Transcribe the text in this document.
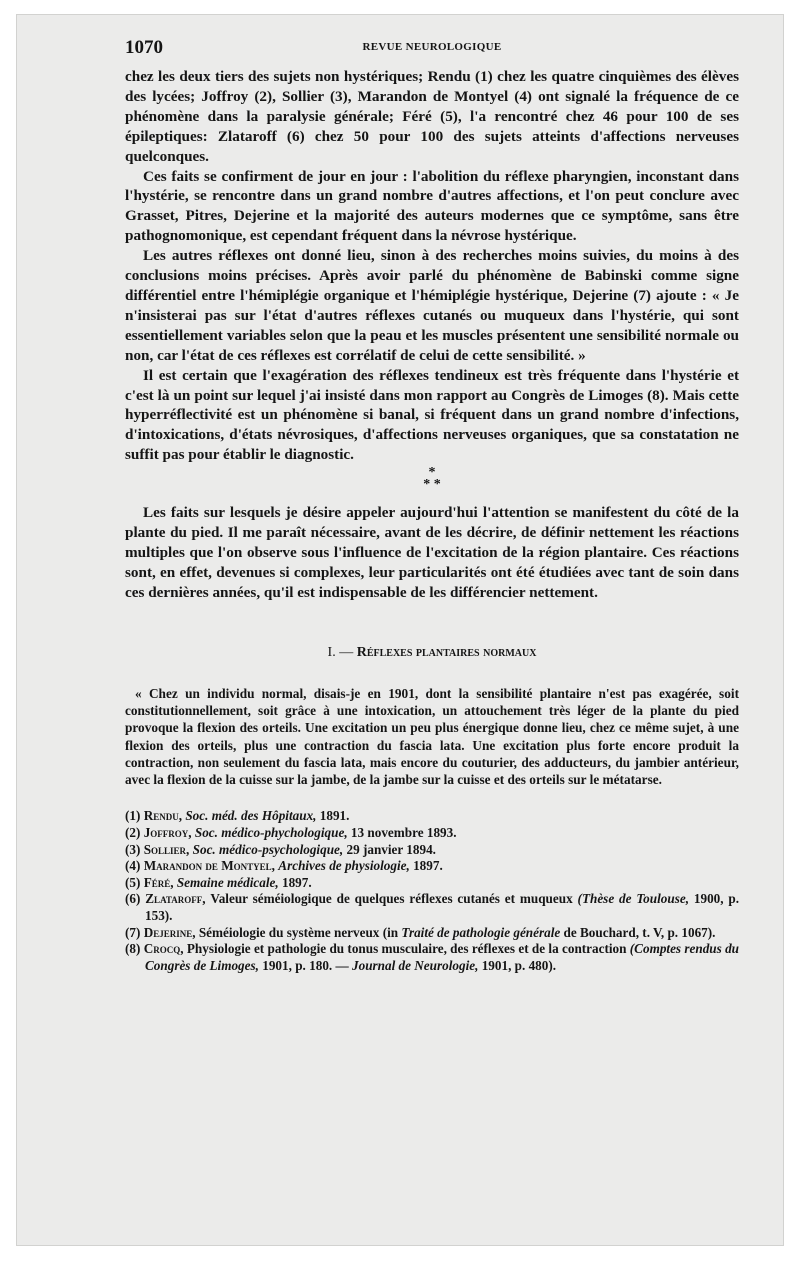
1070	REVUE NEUROLOGIQUE

chez les deux tiers des sujets non hystériques; Rendu (1) chez les quatre cinquièmes des élèves des lycées; Joffroy (2), Sollier (3), Marandon de Montyel (4) ont signalé la fréquence de ce phénomène dans la paralysie générale; Féré (5), l'a rencontré chez 46 pour 100 de ses épileptiques: Zlataroff (6) chez 50 pour 100 des sujets atteints d'affections nerveuses quelconques.

Ces faits se confirment de jour en jour : l'abolition du réflexe pharyngien, inconstant dans l'hystérie, se rencontre dans un grand nombre d'autres affections, et l'on peut conclure avec Grasset, Pitres, Dejerine et la majorité des auteurs modernes que ce symptôme, sans être pathognomonique, est cependant fréquent dans la névrose hystérique.

Les autres réflexes ont donné lieu, sinon à des recherches moins suivies, du moins à des conclusions moins précises. Après avoir parlé du phénomène de Babinski comme signe différentiel entre l'hémiplégie organique et l'hémiplégie hystérique, Dejerine (7) ajoute : « Je n'insisterai pas sur l'état d'autres réflexes cutanés ou muqueux dans l'hystérie, qui sont essentiellement variables selon que la peau et les muscles présentent une sensibilité normale ou non, car l'état de ces réflexes est corrélatif de celui de cette sensibilité. »

Il est certain que l'exagération des réflexes tendineux est très fréquente dans l'hystérie et c'est là un point sur lequel j'ai insisté dans mon rapport au Congrès de Limoges (8). Mais cette hyperréflectivité est un phénomène si banal, si fréquent dans un grand nombre d'infections, d'intoxications, d'états névrosiques, d'affections nerveuses organiques, que sa constatation ne suffit pas pour établir le diagnostic.

*
* *

Les faits sur lesquels je désire appeler aujourd'hui l'attention se manifestent du côté de la plante du pied. Il me paraît nécessaire, avant de les décrire, de définir nettement les réactions multiples que l'on observe sous l'influence de l'excitation de la région plantaire. Ces réactions sont, en effet, devenues si complexes, leur particularités ont été étudiées avec tant de soin dans ces dernières années, qu'il est indispensable de les différencier nettement.

I. — Réflexes plantaires normaux

« Chez un individu normal, disais-je en 1901, dont la sensibilité plantaire n'est pas exagérée, soit constitutionnellement, soit grâce à une intoxication, un attouchement très léger de la plante du pied provoque la flexion des orteils. Une excitation un peu plus énergique donne lieu, chez ce même sujet, à une flexion des orteils, plus une contraction du fascia lata. Une excitation plus forte encore produit la contraction, non seulement du fascia lata, mais encore du couturier, des adducteurs, du jambier antérieur, avec la flexion de la cuisse sur la jambe, de la jambe sur la cuisse et des orteils sur le métatarse.

(1) Rendu, Soc. méd. des Hôpitaux, 1891.
(2) Joffroy, Soc. médico-phychologique, 13 novembre 1893.
(3) Sollier, Soc. médico-psychologique, 29 janvier 1894.
(4) Marandon de Montyel, Archives de physiologie, 1897.
(5) Féré, Semaine médicale, 1897.
(6) Zlataroff, Valeur séméiologique de quelques réflexes cutanés et muqueux (Thèse de Toulouse, 1900, p. 153).
(7) Dejerine, Séméiologie du système nerveux (in Traité de pathologie générale de Bouchard, t. V, p. 1067).
(8) Crocq, Physiologie et pathologie du tonus musculaire, des réflexes et de la contraction (Comptes rendus du Congrès de Limoges, 1901, p. 180. — Journal de Neurologie, 1901, p. 480).
